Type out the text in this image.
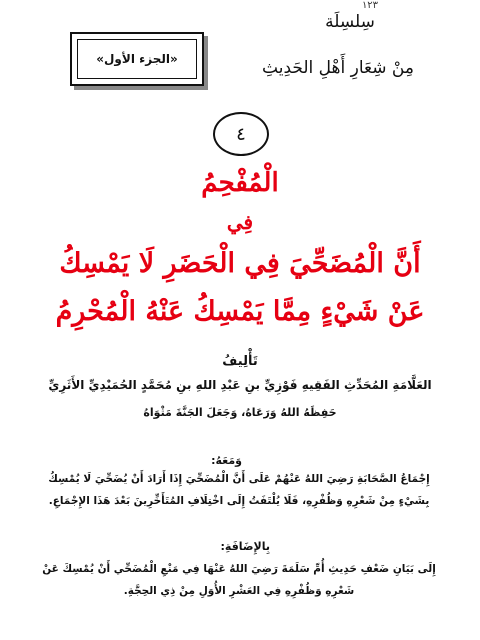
١٢٣
سِلسِلَة
مِنْ شِعَارِ أَهْلِ الحَدِيثِ
«الجزء الأول»
٤
الْمُفْحِمُ
فِي
أَنَّ الْمُضَحِّيَ فِي الْحَضَرِ لَا يَمْسِكُ
عَنْ شَيْءٍ مِمَّا يَمْسِكُ عَنْهُ الْمُحْرِمُ
تَأْلِيفُ
العَلَّامَةِ المُحَدِّثِ الفَقِيهِ فَوْزِيِّ بنِ عَبْدِ اللهِ بنِ مُحَمَّدٍ الحُمَيْدِيِّ الأَثَرِيِّ
حَفِظَهُ اللهُ وَرَعَاهُ، وَجَعَلَ الجَنَّةَ مَثْوَاهُ
وَمَعَهُ:
إِجْمَاعُ الصَّحَابَةِ رَضِيَ اللهُ عَنْهُمْ عَلَى أَنَّ الْمُضَحِّيَ إِذَا أَرَادَ أَنْ يُضَحِّيَ لَا يُمْسِكُ
بِشَيْءٍ مِنْ شَعْرِهِ وَظُفْرِهِ، فَلَا يُلْتَفَتُ إِلَى اخْتِلَافِ المُتَأَخِّرِينَ بَعْدَ هَذَا الإِجْمَاعِ.
بِالإِضَافَةِ:
إِلَى بَيَانِ ضَعْفِ حَدِيثِ أُمِّ سَلَمَةَ رَضِيَ اللهُ عَنْهَا فِي مَنْعِ الْمُضَحِّي أَنْ يُمْسِكَ عَنْ
شَعْرِهِ وَظُفْرِهِ فِي العَشْرِ الأُوَلِ مِنْ ذِي الحِجَّةِ.
